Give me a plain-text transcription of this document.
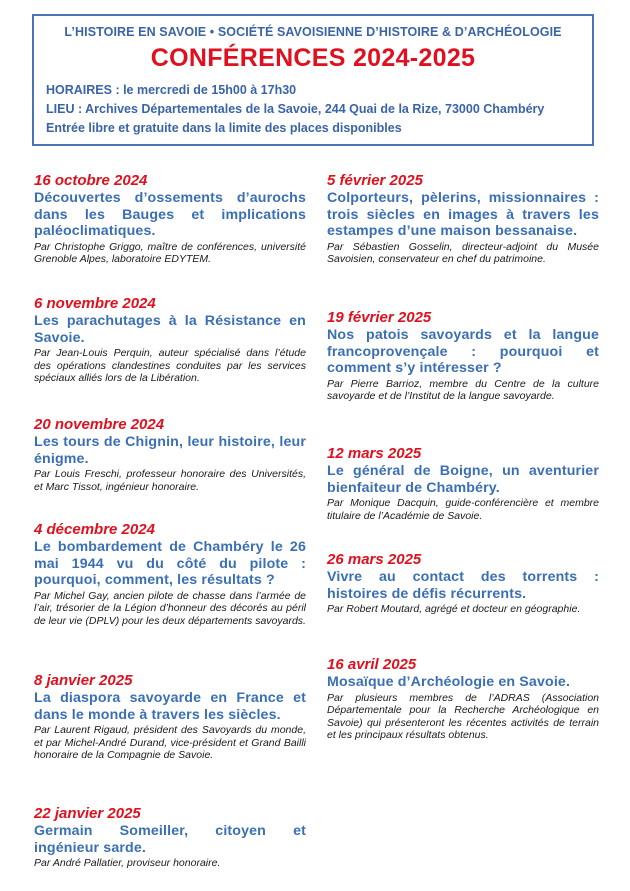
L’HISTOIRE EN SAVOIE • SOCIÉTÉ SAVOISIENNE D’HISTOIRE & D’ARCHÉOLOGIE
CONFÉRENCES 2024-2025
HORAIRES : le mercredi de 15h00 à 17h30
LIEU : Archives Départementales de la Savoie, 244 Quai de la Rize, 73000 Chambéry
Entrée libre et gratuite dans la limite des places disponibles
16 octobre 2024
Découvertes d’ossements d’aurochs dans les Bauges et implications paléoclimatiques.
Par Christophe Griggo, maître de conférences, université Grenoble Alpes, laboratoire EDYTEM.
6 novembre 2024
Les parachutages à la Résistance en Savoie.
Par Jean-Louis Perquin, auteur spécialisé dans l’étude des opérations clandestines conduites par les services spéciaux alliés lors de la Libération.
20 novembre 2024
Les tours de Chignin, leur histoire, leur énigme.
Par Louis Freschi, professeur honoraire des Universités, et Marc Tissot, ingénieur honoraire.
4 décembre 2024
Le bombardement de Chambéry le 26 mai 1944 vu du côté du pilote : pourquoi, comment, les résultats ?
Par Michel Gay, ancien pilote de chasse dans l’armée de l’air, trésorier de la Légion d’honneur des décorés au péril de leur vie (DPLV) pour les deux départements savoyards.
8 janvier 2025
La diaspora savoyarde en France et dans le monde à travers les siècles.
Par Laurent Rigaud, président des Savoyards du monde, et par Michel-André Durand, vice-président et Grand Bailli honoraire de la Compagnie de Savoie.
22 janvier 2025
Germain Someiller, citoyen et ingénieur sarde.
Par André Pallatier, proviseur honoraire.
5 février 2025
Colporteurs, pèlerins, missionnaires : trois siècles en images à travers les estampes d’une maison bessanaise.
Par Sébastien Gosselin, directeur-adjoint du Musée Savoisien, conservateur en chef du patrimoine.
19 février 2025
Nos patois savoyards et la langue francoprovençale : pourquoi et comment s’y intéresser ?
Par Pierre Barrioz, membre du Centre de la culture savoyarde et de l’Institut de la langue savoyarde.
12 mars 2025
Le général de Boigne, un aventurier bienfaiteur de Chambéry.
Par Monique Dacquin, guide-conférencière et membre titulaire de l’Académie de Savoie.
26 mars 2025
Vivre au contact des torrents : histoires de défis récurrents.
Par Robert Moutard, agrégé et docteur en géographie.
16 avril 2025
Mosaïque d’Archéologie en Savoie.
Par plusieurs membres de l’ADRAS (Association Départementale pour la Recherche Archéologique en Savoie) qui présenteront les récentes activités de terrain et les principaux résultats obtenus.
